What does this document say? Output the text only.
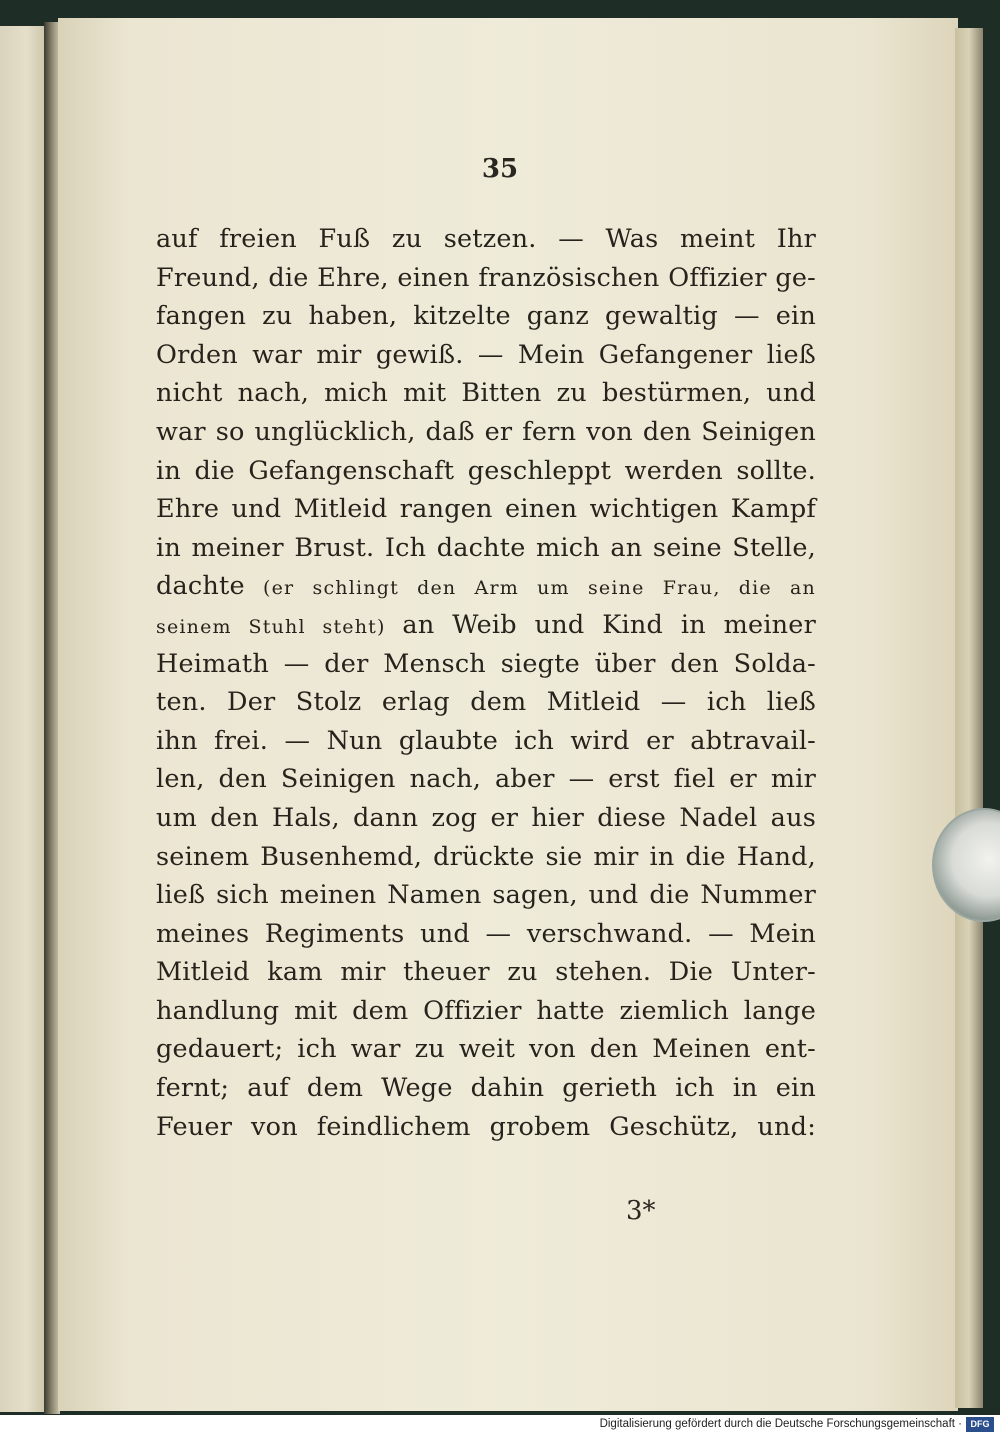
35
auf freien Fuß zu setzen. — Was meint Ihr
Freund, die Ehre, einen französischen Offizier ge-
fangen zu haben, kitzelte ganz gewaltig — ein
Orden war mir gewiß. — Mein Gefangener ließ
nicht nach, mich mit Bitten zu bestürmen, und
war so unglücklich, daß er fern von den Seinigen
in die Gefangenschaft geschleppt werden sollte.
Ehre und Mitleid rangen einen wichtigen Kampf
in meiner Brust. Ich dachte mich an seine Stelle,
dachte (er schlingt den Arm um seine Frau, die an
seinem Stuhl steht) an Weib und Kind in meiner
Heimath — der Mensch siegte über den Solda-
ten. Der Stolz erlag dem Mitleid — ich ließ
ihn frei. — Nun glaubte ich wird er abtravail-
len, den Seinigen nach, aber — erst fiel er mir
um den Hals, dann zog er hier diese Nadel aus
seinem Busenhemd, drückte sie mir in die Hand,
ließ sich meinen Namen sagen, und die Nummer
meines Regiments und — verschwand. — Mein
Mitleid kam mir theuer zu stehen. Die Unter-
handlung mit dem Offizier hatte ziemlich lange
gedauert; ich war zu weit von den Meinen ent-
fernt; auf dem Wege dahin gerieth ich in ein
Feuer von feindlichem grobem Geschütz, und:
3*
Digitalisierung gefördert durch die Deutsche Forschungsgemeinschaft · DFG
